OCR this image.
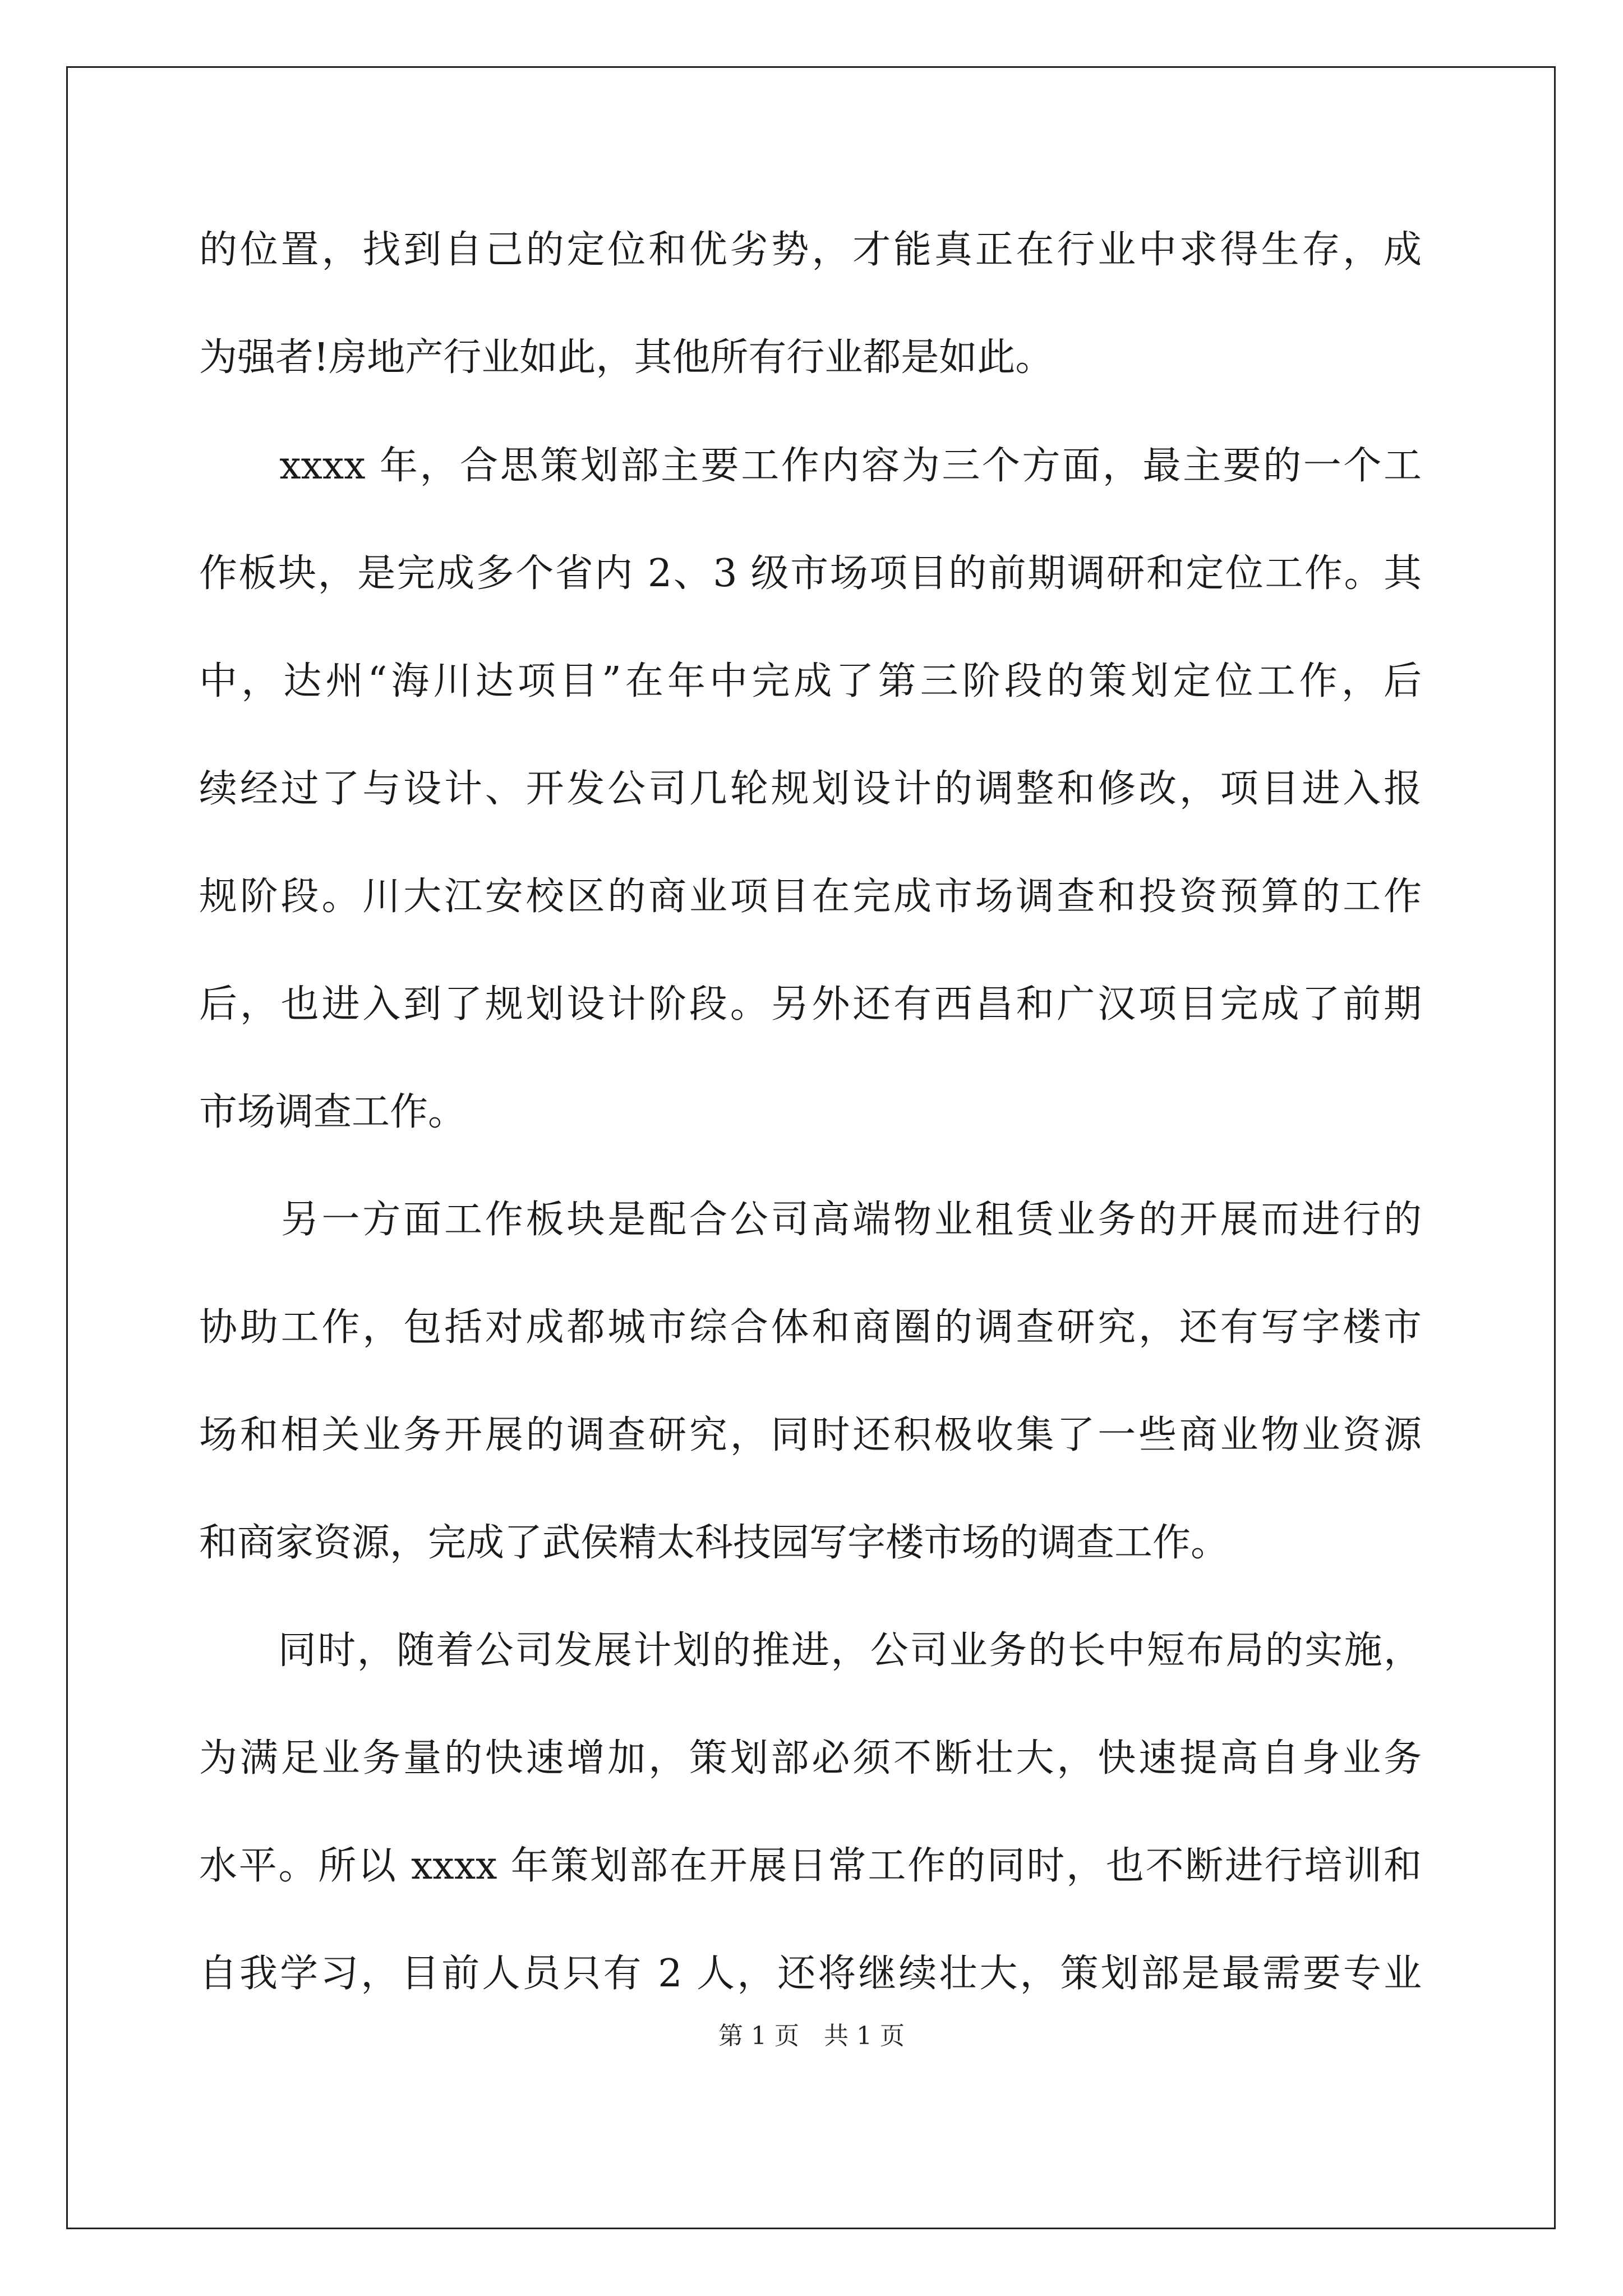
的位置，找到自己的定位和优劣势，才能真正在行业中求得生存，成
为强者!房地产行业如此，其他所有行业都是如此。
　　xxxx 年，合思策划部主要工作内容为三个方面，最主要的一个工
作板块，是完成多个省内 2、3 级市场项目的前期调研和定位工作。其
中，达州“海川达项目”在年中完成了第三阶段的策划定位工作，后
续经过了与设计、开发公司几轮规划设计的调整和修改，项目进入报
规阶段。川大江安校区的商业项目在完成市场调查和投资预算的工作
后，也进入到了规划设计阶段。另外还有西昌和广汉项目完成了前期
市场调查工作。
　　另一方面工作板块是配合公司高端物业租赁业务的开展而进行的
协助工作，包括对成都城市综合体和商圈的调查研究，还有写字楼市
场和相关业务开展的调查研究，同时还积极收集了一些商业物业资源
和商家资源，完成了武侯精太科技园写字楼市场的调查工作。
　　同时，随着公司发展计划的推进，公司业务的长中短布局的实施，
为满足业务量的快速增加，策划部必须不断壮大，快速提高自身业务
水平。所以 xxxx 年策划部在开展日常工作的同时，也不断进行培训和
自我学习，目前人员只有 2 人，还将继续壮大，策划部是最需要专业
第 1 页　共 1 页
